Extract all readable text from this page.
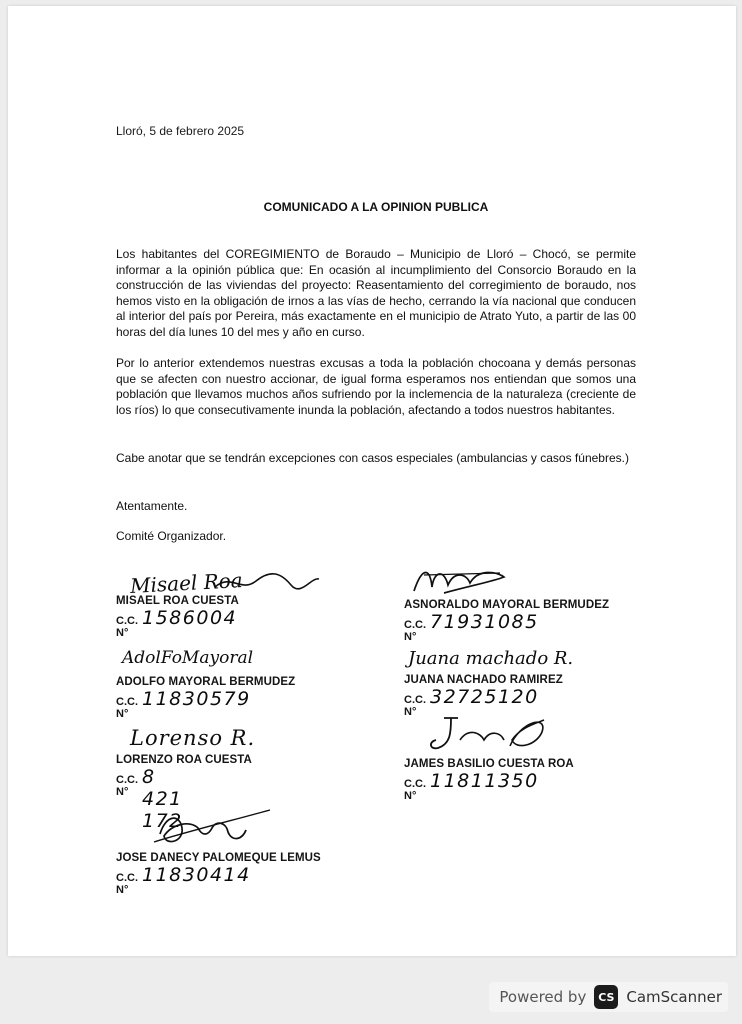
Lloró, 5 de febrero 2025
COMUNICADO A LA OPINION PUBLICA

Los habitantes del COREGIMIENTO de Boraudo – Municipio de Lloró – Chocó, se permite informar a la opinión pública que: En ocasión al incumplimiento del Consorcio Boraudo en la construcción de las viviendas del proyecto: Reasentamiento del corregimiento de boraudo, nos hemos visto en la obligación de irnos a las vías de hecho, cerrando la vía nacional que conducen al interior del país por Pereira, más exactamente en el municipio de Atrato Yuto, a partir de las 00 horas del día lunes 10 del mes y año en curso.

Por lo anterior extendemos nuestras excusas a toda la población chocoana y demás personas que se afecten con nuestro accionar, de igual forma esperamos nos entiendan que somos una población que llevamos muchos años sufriendo por la inclemencia de la naturaleza (creciente de los ríos) lo que consecutivamente inunda la población, afectando a todos nuestros habitantes.

Cabe anotar que se tendrán excepciones con casos especiales (ambulancias y casos fúnebres.)

Atentamente.
Comité Organizador.
Misael Roa
MISAEL ROA CUESTA
C.C. N°
1586004
ASNORALDO MAYORAL BERMUDEZ
C.C. N°
71931085
AdolFoMayoral
ADOLFO MAYORAL BERMUDEZ
C.C. N°
11830579
Juana machado R.
JUANA NACHADO RAMIREZ
C.C. N°
32725120
Lorenso R.
LORENZO ROA CUESTA
C.C. N°
8 421 172
JAMES BASILIO CUESTA ROA
C.C. N°
11811350
JOSE DANECY PALOMEQUE LEMUS
C.C. N°
11830414
Powered by	CS CamScanner
